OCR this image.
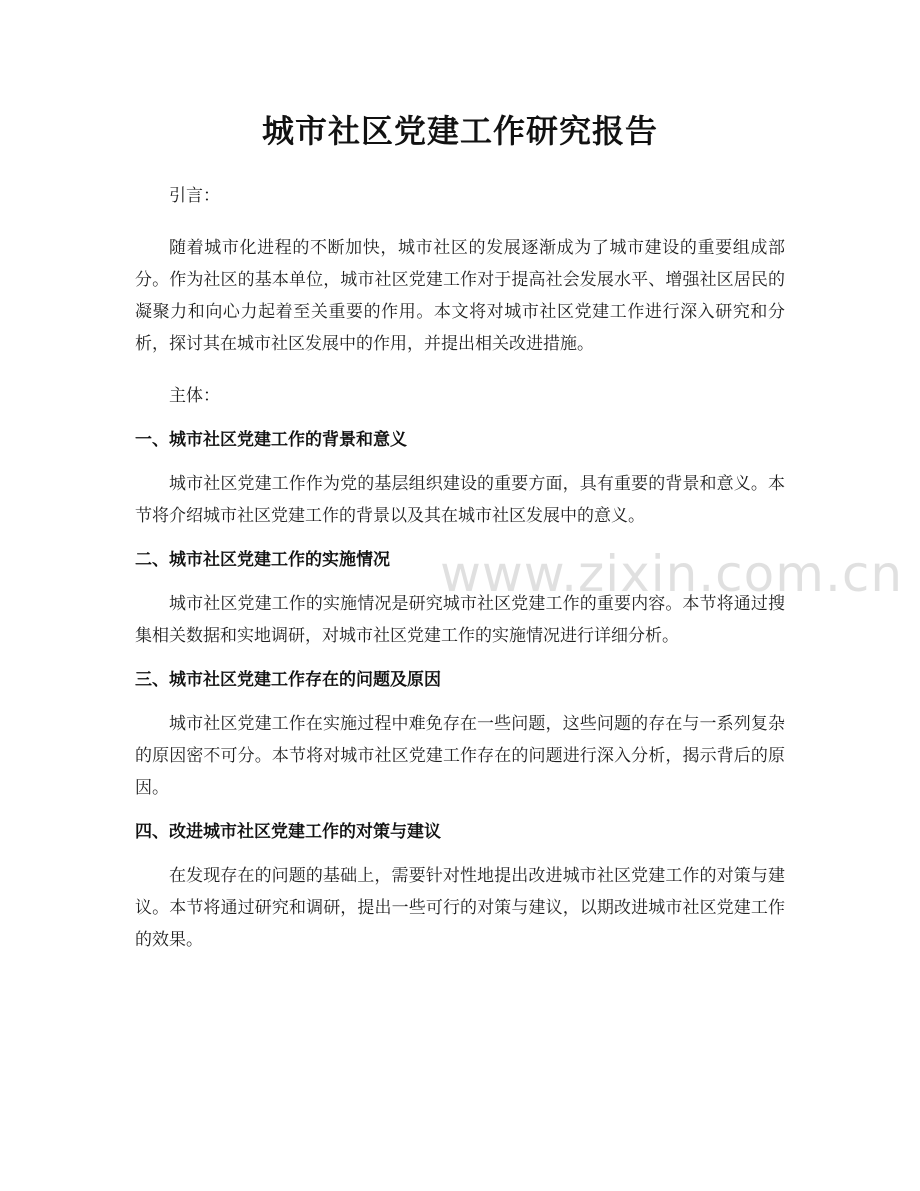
城市社区党建工作研究报告

引言：

随着城市化进程的不断加快，城市社区的发展逐渐成为了城市建设的重要组成部分。作为社区的基本单位，城市社区党建工作对于提高社会发展水平、增强社区居民的凝聚力和向心力起着至关重要的作用。本文将对城市社区党建工作进行深入研究和分析，探讨其在城市社区发展中的作用，并提出相关改进措施。

主体：

一、城市社区党建工作的背景和意义

城市社区党建工作作为党的基层组织建设的重要方面，具有重要的背景和意义。本节将介绍城市社区党建工作的背景以及其在城市社区发展中的意义。

二、城市社区党建工作的实施情况

城市社区党建工作的实施情况是研究城市社区党建工作的重要内容。本节将通过搜集相关数据和实地调研，对城市社区党建工作的实施情况进行详细分析。

三、城市社区党建工作存在的问题及原因

城市社区党建工作在实施过程中难免存在一些问题，这些问题的存在与一系列复杂的原因密不可分。本节将对城市社区党建工作存在的问题进行深入分析，揭示背后的原因。

四、改进城市社区党建工作的对策与建议

在发现存在的问题的基础上，需要针对性地提出改进城市社区党建工作的对策与建议。本节将通过研究和调研，提出一些可行的对策与建议，以期改进城市社区党建工作的效果。

www.zixin.com.cn
